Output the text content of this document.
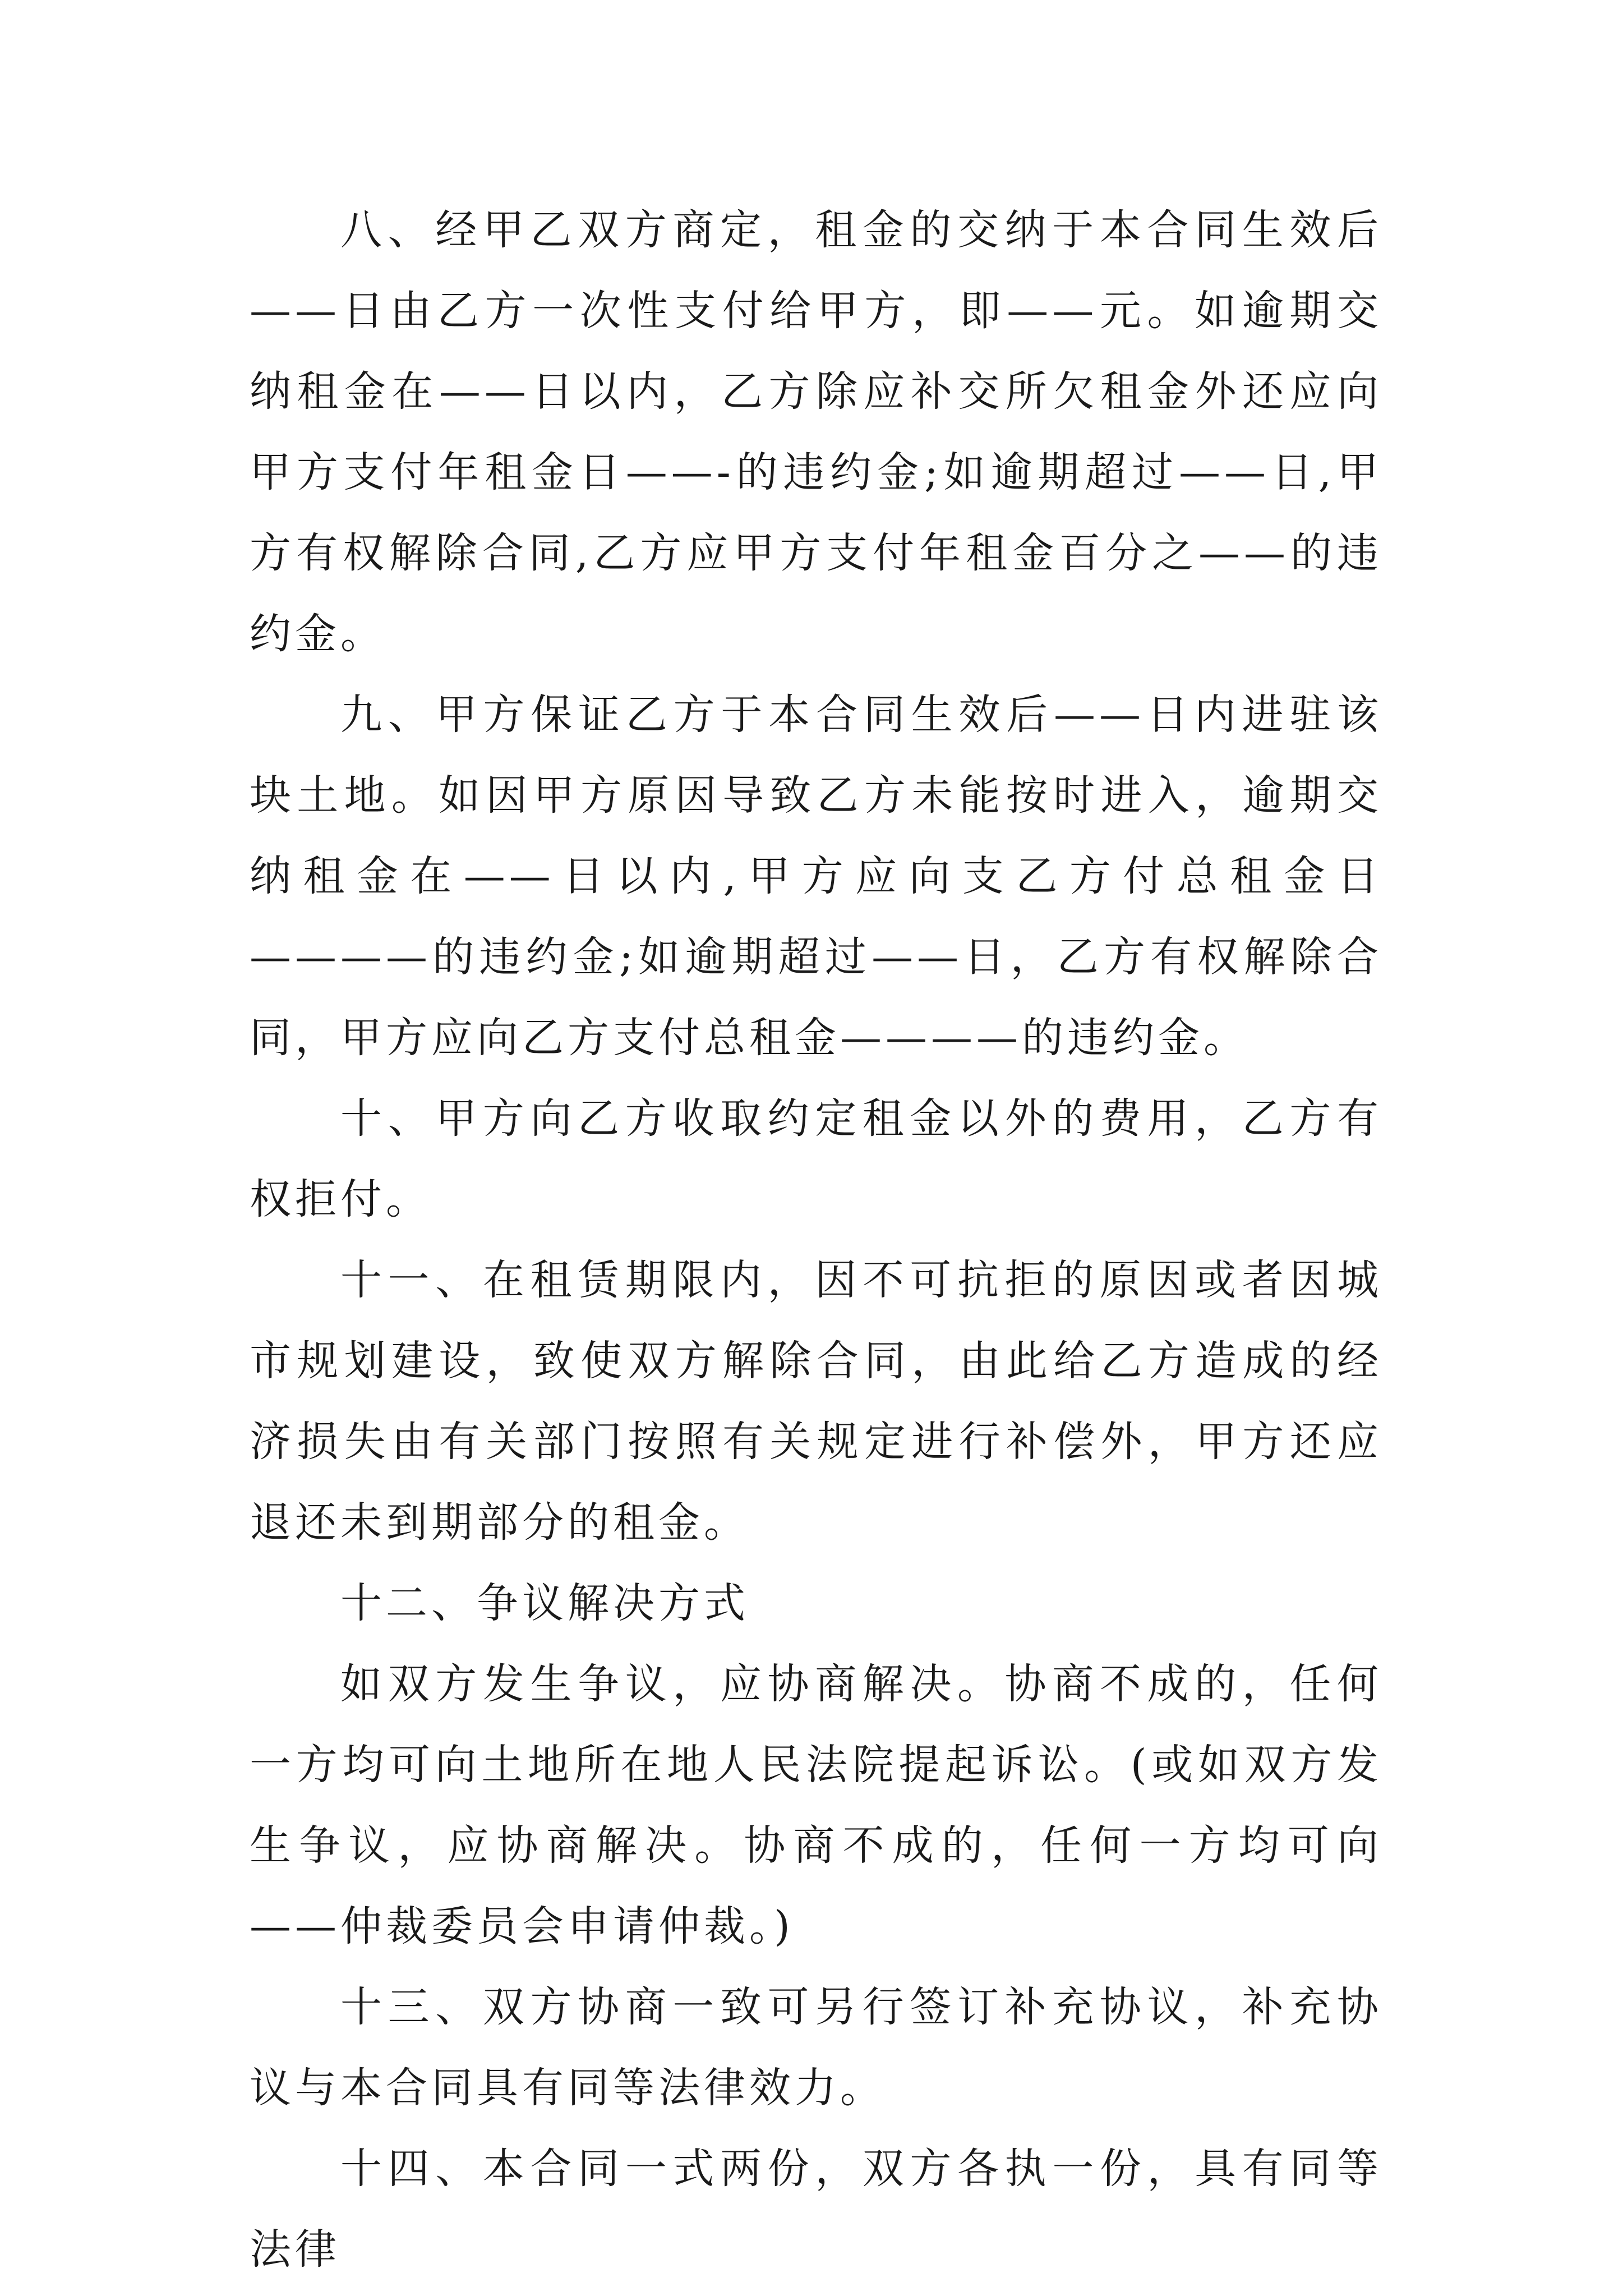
八、经甲乙双方商定，租金的交纳于本合同生效后——日由乙方一次性支付给甲方，即——元。如逾期交纳租金在——日以内，乙方除应补交所欠租金外还应向甲方支付年租金日——-的违约金;如逾期超过——日,甲方有权解除合同,乙方应甲方支付年租金百分之——的违约金。

九、甲方保证乙方于本合同生效后——日内进驻该块土地。如因甲方原因导致乙方未能按时进入，逾期交纳租金在——日以内,甲方应向支乙方付总租金日————的违约金;如逾期超过——日，乙方有权解除合同，甲方应向乙方支付总租金————的违约金。

十、甲方向乙方收取约定租金以外的费用，乙方有权拒付。

十一、在租赁期限内，因不可抗拒的原因或者因城市规划建设，致使双方解除合同，由此给乙方造成的经济损失由有关部门按照有关规定进行补偿外，甲方还应退还未到期部分的租金。

十二、争议解决方式

如双方发生争议，应协商解决。协商不成的，任何一方均可向土地所在地人民法院提起诉讼。(或如双方发生争议，应协商解决。协商不成的，任何一方均可向——仲裁委员会申请仲裁。)

十三、双方协商一致可另行签订补充协议，补充协议与本合同具有同等法律效力。

十四、本合同一式两份，双方各执一份，具有同等法律
